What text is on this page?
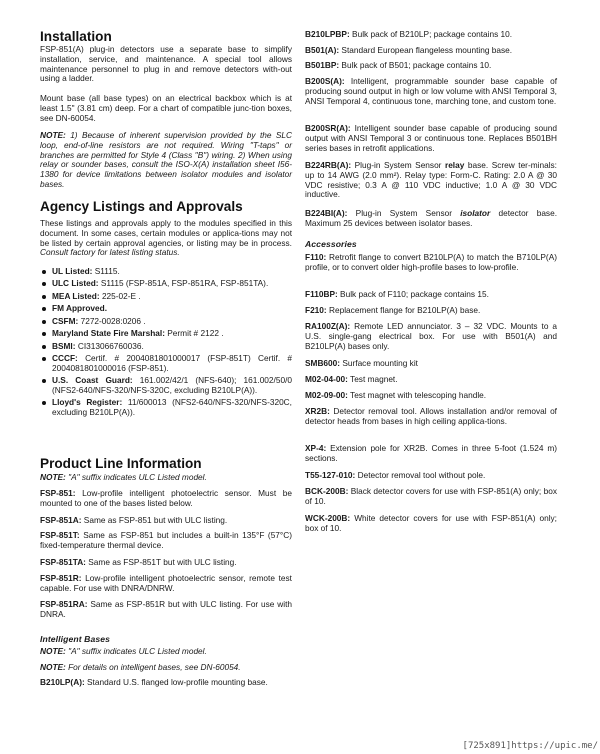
Installation

FSP-851(A) plug-in detectors use a separate base to simplify installation, service, and maintenance. A special tool allows maintenance personnel to plug in and remove detectors with-out using a ladder.

Mount base (all base types) on an electrical backbox which is at least 1.5" (3.81 cm) deep. For a chart of compatible junc-tion boxes, see DN-60054.

NOTE: 1) Because of inherent supervision provided by the SLC loop, end-of-line resistors are not required. Wiring "T-taps" or branches are permitted for Style 4 (Class "B") wiring. 2) When using relay or sounder bases, consult the ISO-X(A) installation sheet I56-1380 for device limitations between isolator modules and isolator bases.

Agency Listings and Approvals

These listings and approvals apply to the modules specified in this document. In some cases, certain modules or applica-tions may not be listed by certain approval agencies, or listing may be in process. Consult factory for latest listing status.

UL Listed: S1115.
ULC Listed: S1115 (FSP-851A, FSP-851RA, FSP-851TA).
MEA Listed: 225-02-E .
FM Approved.
CSFM: 7272-0028:0206 .
Maryland State Fire Marshal: Permit # 2122 .
BSMI: CI313066760036.
CCCF: Certif. # 2004081801000017 (FSP-851T) Certif. # 2004081801000016 (FSP-851).
U.S. Coast Guard: 161.002/42/1 (NFS-640); 161.002/50/0 (NFS2-640/NFS-320/NFS-320C, excluding B210LP(A)).
Lloyd's Register: 11/600013 (NFS2-640/NFS-320/NFS-320C, excluding B210LP(A)).
Product Line Information

NOTE: "A" suffix indicates ULC Listed model.

FSP-851: Low-profile intelligent photoelectric sensor. Must be mounted to one of the bases listed below.

FSP-851A: Same as FSP-851 but with ULC listing.

FSP-851T: Same as FSP-851 but includes a built-in 135°F (57°C) fixed-temperature thermal device.

FSP-851TA: Same as FSP-851T but with ULC listing.

FSP-851R: Low-profile intelligent photoelectric sensor, remote test capable. For use with DNRA/DNRW.

FSP-851RA: Same as FSP-851R but with ULC listing. For use with DNRA.

Intelligent Bases

NOTE: "A" suffix indicates ULC Listed model.

NOTE: For details on intelligent bases, see DN-60054.

B210LP(A): Standard U.S. flanged low-profile mounting base.

B210LPBP: Bulk pack of B210LP; package contains 10.

B501(A): Standard European flangeless mounting base.

B501BP: Bulk pack of B501; package contains 10.

B200S(A): Intelligent, programmable sounder base capable of producing sound output in high or low volume with ANSI Temporal 3, ANSI Temporal 4, continuous tone, marching tone, and custom tone.

B200SR(A): Intelligent sounder base capable of producing sound output with ANSI Temporal 3 or continuous tone. Replaces B501BH series bases in retrofit applications.

B224RB(A): Plug-in System Sensor relay base. Screw ter-minals: up to 14 AWG (2.0 mm²). Relay type: Form-C. Rating: 2.0 A @ 30 VDC resistive; 0.3 A @ 110 VDC inductive; 1.0 A @ 30 VDC inductive.

B224BI(A): Plug-in System Sensor isolator detector base. Maximum 25 devices between isolator bases.

Accessories

F110: Retrofit flange to convert B210LP(A) to match the B710LP(A) profile, or to convert older high-profile bases to low-profile.

F110BP: Bulk pack of F110; package contains 15.

F210: Replacement flange for B210LP(A) base.

RA100Z(A): Remote LED annunciator. 3 – 32 VDC. Mounts to a U.S. single-gang electrical box. For use with B501(A) and B210LP(A) bases only.

SMB600: Surface mounting kit

M02-04-00: Test magnet.

M02-09-00: Test magnet with telescoping handle.

XR2B: Detector removal tool. Allows installation and/or removal of detector heads from bases in high ceiling applica-tions.

XP-4: Extension pole for XR2B. Comes in three 5-foot (1.524 m) sections.

T55-127-010: Detector removal tool without pole.

BCK-200B: Black detector covers for use with FSP-851(A) only; box of 10.

WCK-200B: White detector covers for use with FSP-851(A) only; box of 10.

[725x891]https://upic.me/
